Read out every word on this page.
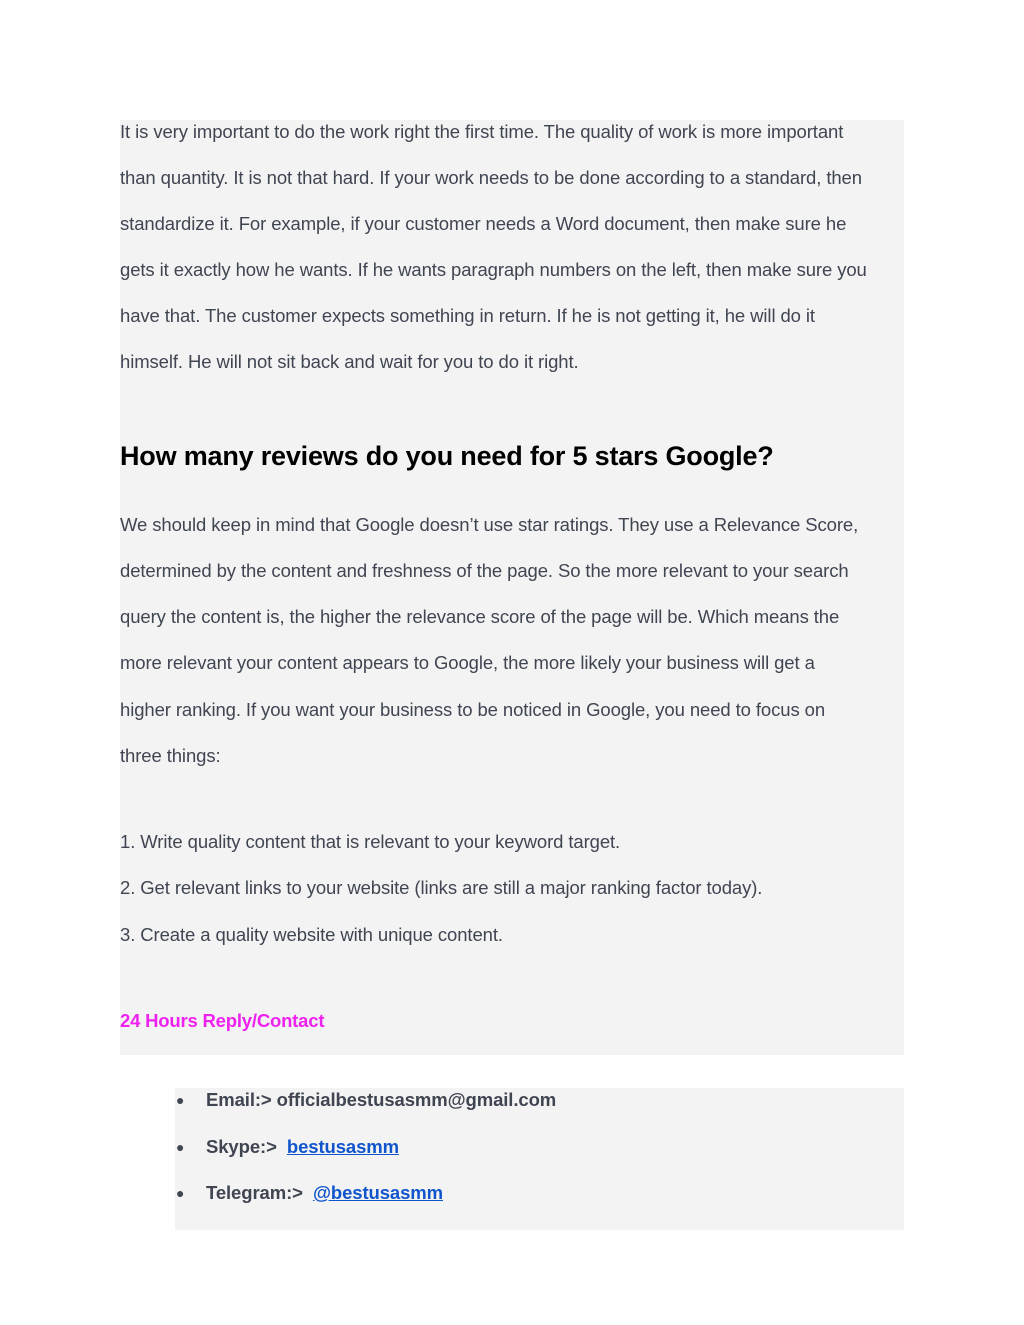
It is very important to do the work right the first time. The quality of work is more important
than quantity. It is not that hard. If your work needs to be done according to a standard, then
standardize it. For example, if your customer needs a Word document, then make sure he
gets it exactly how he wants. If he wants paragraph numbers on the left, then make sure you
have that. The customer expects something in return. If he is not getting it, he will do it
himself. He will not sit back and wait for you to do it right.
How many reviews do you need for 5 stars Google?
We should keep in mind that Google doesn’t use star ratings. They use a Relevance Score,
determined by the content and freshness of the page. So the more relevant to your search
query the content is, the higher the relevance score of the page will be. Which means the
more relevant your content appears to Google, the more likely your business will get a
higher ranking. If you want your business to be noticed in Google, you need to focus on
three things:
1. Write quality content that is relevant to your keyword target.
2. Get relevant links to your website (links are still a major ranking factor today).
3. Create a quality website with unique content.
24 Hours Reply/Contact
● Email:> officialbestusasmm@gmail.com
● Skype:> bestusasmm
● Telegram:> @bestusasmm
